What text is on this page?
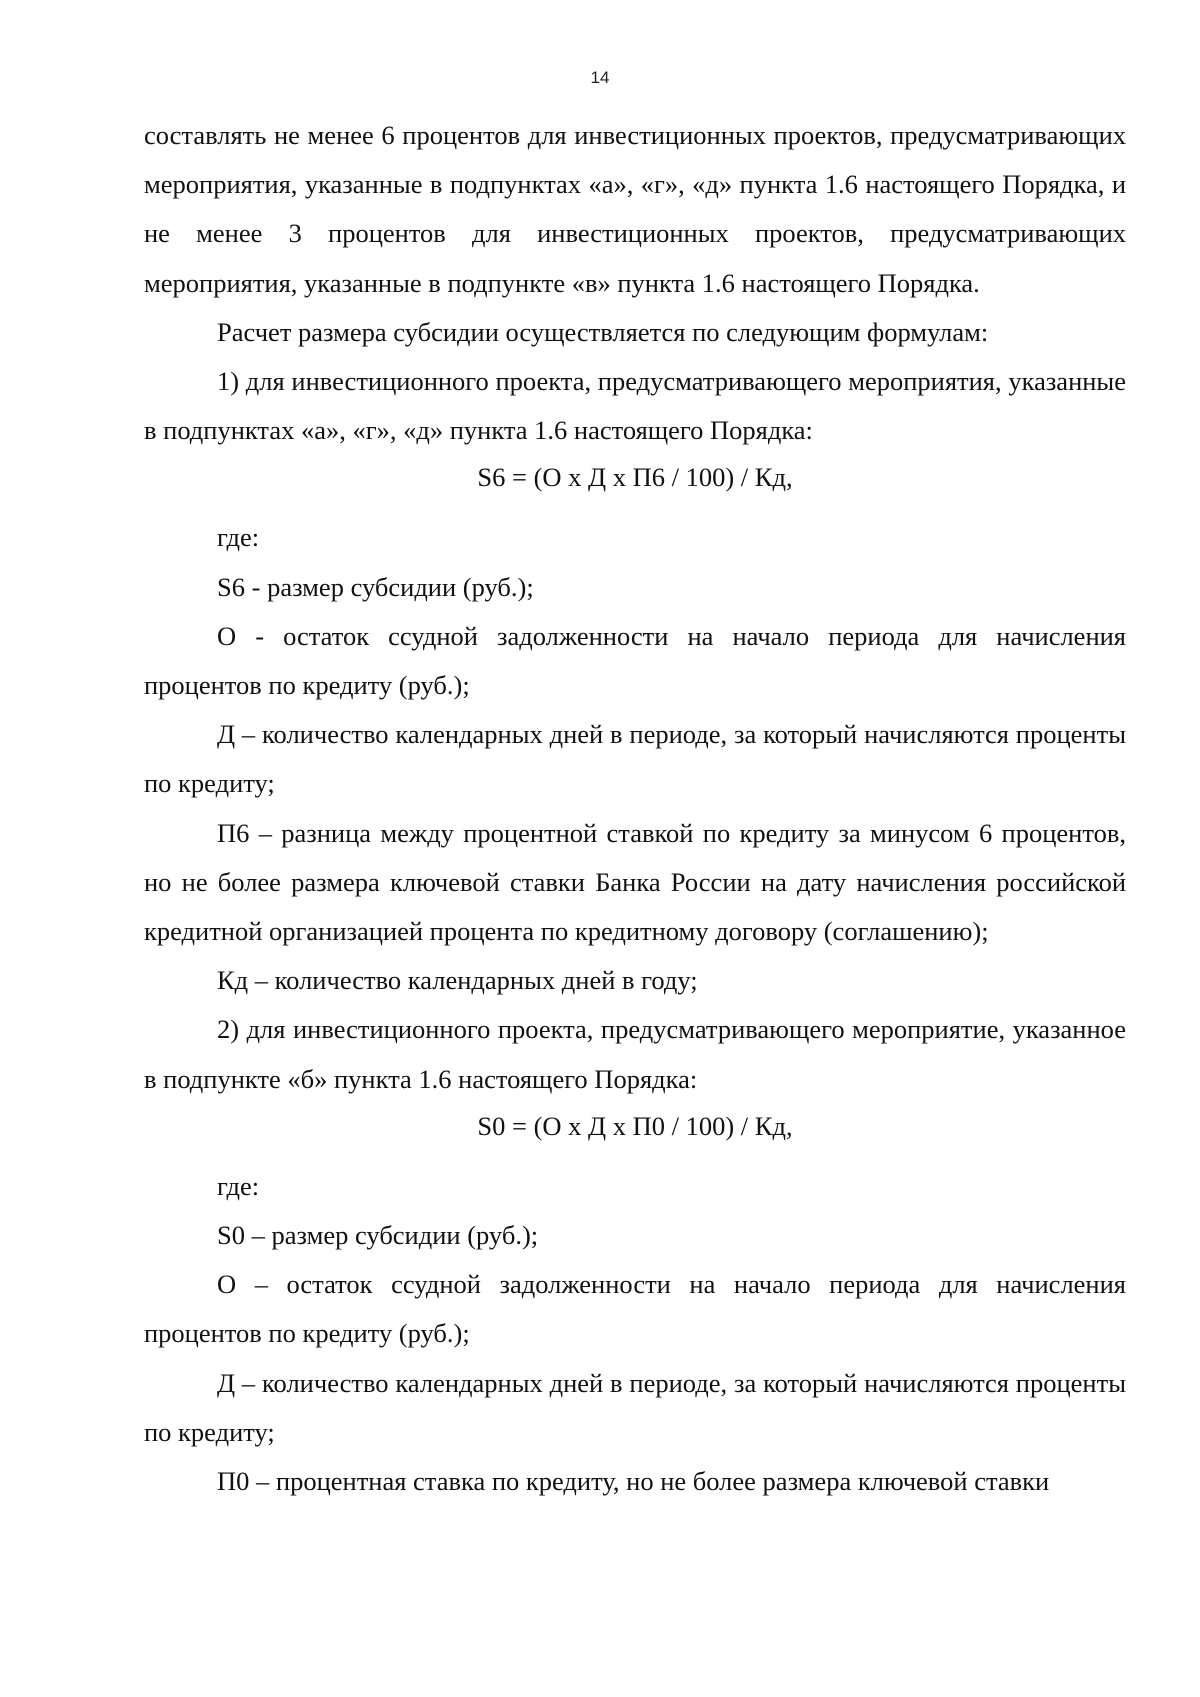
14

составлять не менее 6 процентов для инвестиционных проектов, предусматривающих мероприятия, указанные в подпунктах «а», «г», «д» пункта 1.6 настоящего Порядка, и не менее 3 процентов для инвестиционных проектов, предусматривающих мероприятия, указанные в подпункте «в» пункта 1.6 настоящего Порядка.

Расчет размера субсидии осуществляется по следующим формулам:

1) для инвестиционного проекта, предусматривающего мероприятия, указанные в подпунктах «а», «г», «д» пункта 1.6 настоящего Порядка:

S6 = (О х Д х П6 / 100) / Кд,

где:

S6 - размер субсидии (руб.);

О - остаток ссудной задолженности на начало периода для начисления процентов по кредиту (руб.);

Д – количество календарных дней в периоде, за который начисляются проценты по кредиту;

П6 – разница между процентной ставкой по кредиту за минусом 6 процентов, но не более размера ключевой ставки Банка России на дату начисления российской кредитной организацией процента по кредитному договору (соглашению);

Кд – количество календарных дней в году;

2) для инвестиционного проекта, предусматривающего мероприятие, указанное в подпункте «б» пункта 1.6 настоящего Порядка:

S0 = (О х Д х П0 / 100) / Кд,

где:

S0 – размер субсидии (руб.);

О – остаток ссудной задолженности на начало периода для начисления процентов по кредиту (руб.);

Д – количество календарных дней в периоде, за который начисляются проценты по кредиту;

П0 – процентная ставка по кредиту, но не более размера ключевой ставки
